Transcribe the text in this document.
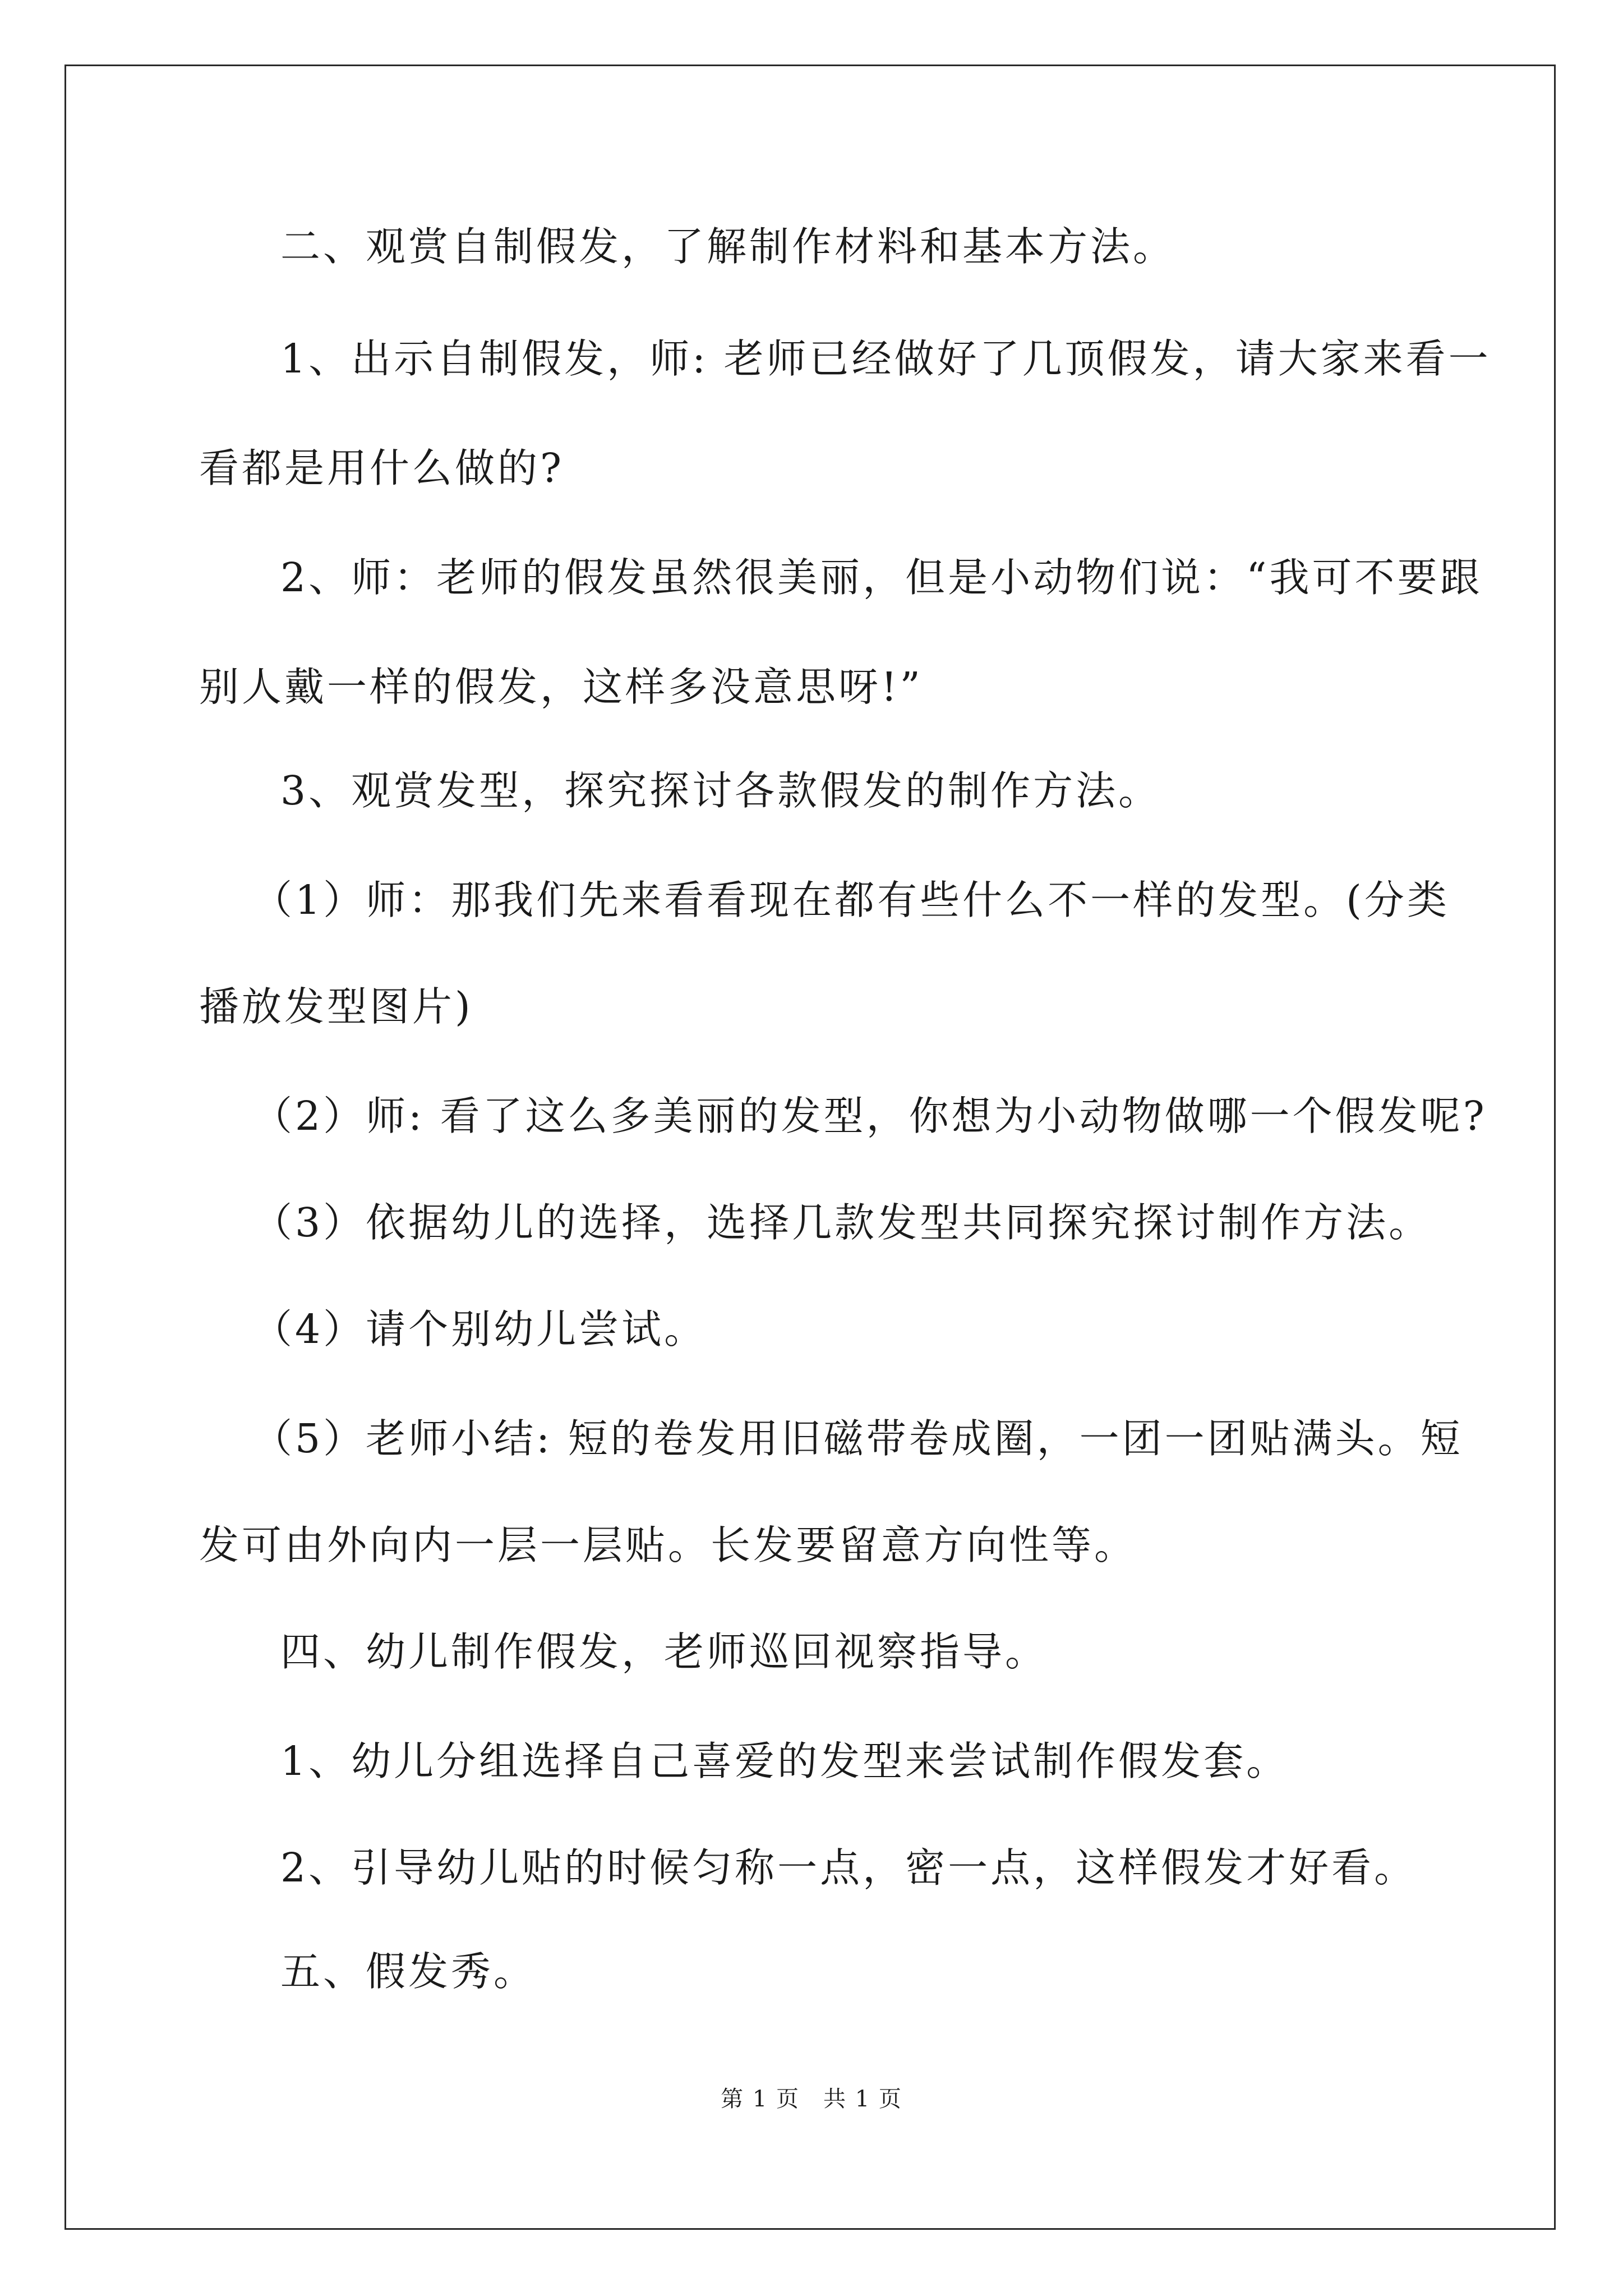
二、观赏自制假发，了解制作材料和基本方法。
1、出示自制假发，师: 老师已经做好了几顶假发，请大家来看一
看都是用什么做的?
2、师：老师的假发虽然很美丽，但是小动物们说：“我可不要跟
别人戴一样的假发，这样多没意思呀!”
3、观赏发型，探究探讨各款假发的制作方法。
（1）师：那我们先来看看现在都有些什么不一样的发型。(分类
播放发型图片)
（2）师: 看了这么多美丽的发型，你想为小动物做哪一个假发呢?
（3）依据幼儿的选择，选择几款发型共同探究探讨制作方法。
（4）请个别幼儿尝试。
（5）老师小结: 短的卷发用旧磁带卷成圈，一团一团贴满头。短
发可由外向内一层一层贴。长发要留意方向性等。
四、幼儿制作假发，老师巡回视察指导。
1、幼儿分组选择自己喜爱的发型来尝试制作假发套。
2、引导幼儿贴的时候匀称一点，密一点，这样假发才好看。
五、假发秀。
第 1 页　共 1 页
